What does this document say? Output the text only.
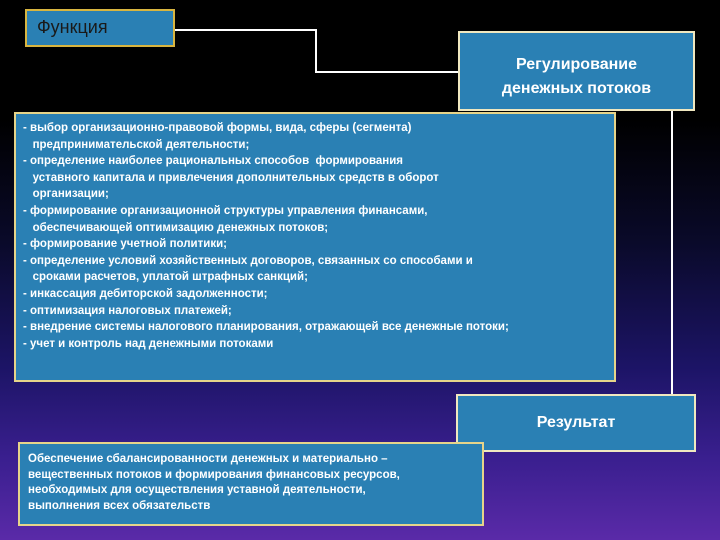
Функция
Регулирование
денежных потоков
- выбор организационно-правовой формы, вида, сферы (сегмента)
предпринимательской деятельности;
- определение наиболее рациональных способов  формирования
уставного капитала и привлечения дополнительных средств в оборот
организации;
- формирование организационной структуры управления финансами,
обеспечивающей оптимизацию денежных потоков;
- формирование учетной политики;
- определение условий хозяйственных договоров, связанных со способами и
сроками расчетов, уплатой штрафных санкций;
- инкассация дебиторской задолженности;
- оптимизация налоговых платежей;
- внедрение системы налогового планирования, отражающей все денежные потоки;
- учет и контроль над денежными потоками
Результат
Обеспечение сбалансированности денежных и материально –
вещественных потоков и формирования финансовых ресурсов,
необходимых для осуществления уставной деятельности,
выполнения всех обязательств
